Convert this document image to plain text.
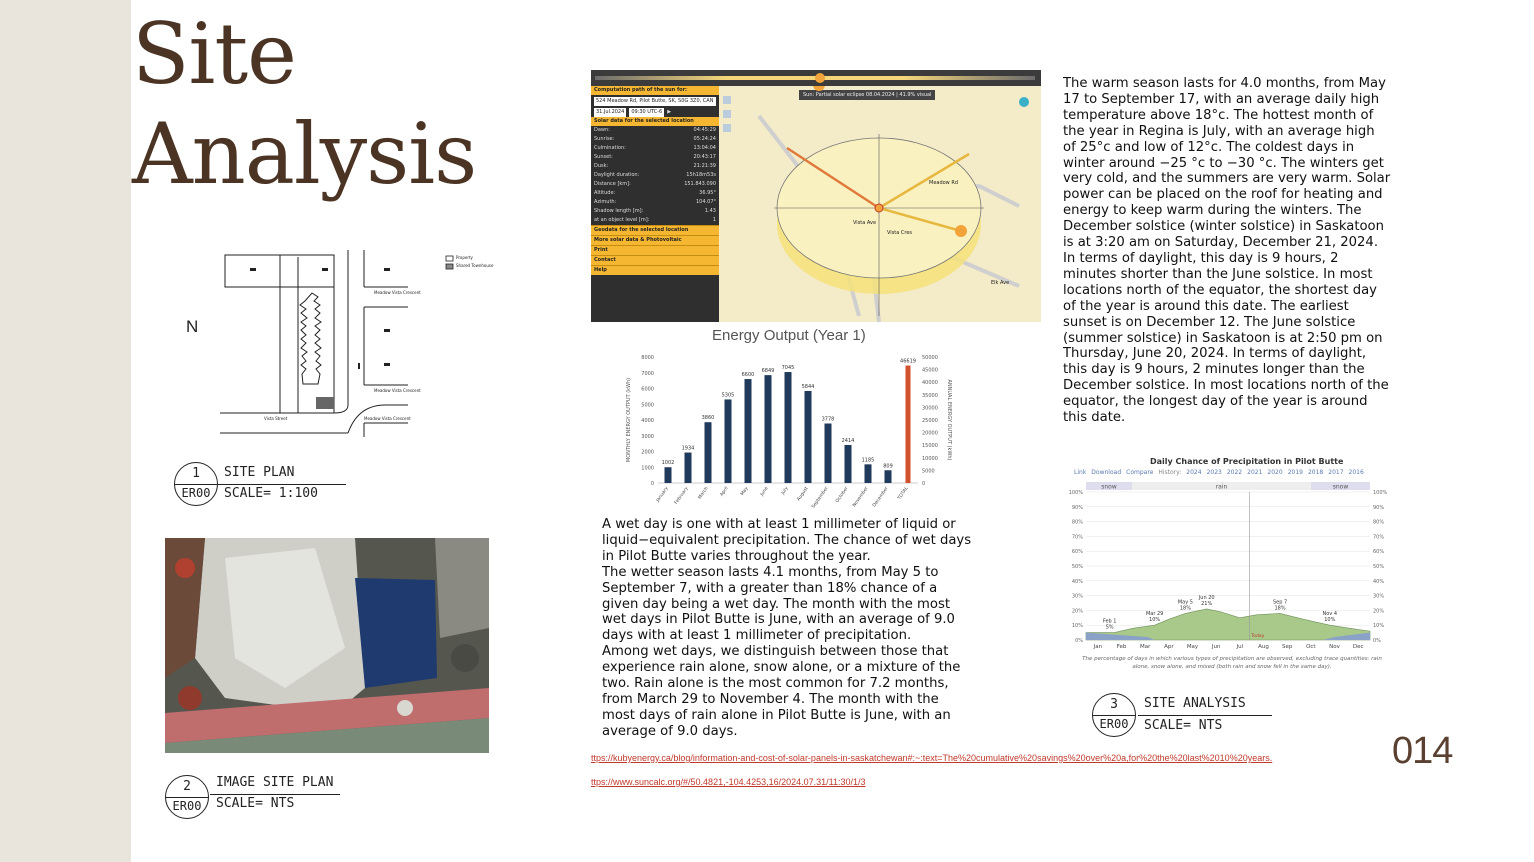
Site
Analysis
N
Property
Shared Townhouse
Meadow Vista Crescent
Meadow Vista Crescent
Vista Street	Meadow Vista Crescent
1
ER00
SITE PLAN
SCALE= 1:100
2
ER00
IMAGE SITE PLAN
SCALE= NTS
Computation path of the sun for:
524 Meadow Rd, Pilot Butte, SK, S0G 3Z0, CAN
31.Jul.2024	09:30 UTC-6	▶
Solar data for the selected location
Dawn:	04:45:29
Sunrise:	05:24:24
Culmination:	13:04:04
Sunset:	20:43:17
Dusk:	21:21:39
Daylight duration:	15h18m53s
Distance [km]:	151.843.090
Altitude:	36.95°
Azimuth:	104.07°
Shadow length [m]:	1.43
at an object level [m]:	1
Geodata for the selected location
More solar data & Photovoltaic
Print
Contact
Help
Sun: Partial solar eclipse 08.04.2024 | 41.9% visual
Meadow Rd
Vista Cres
Elk Ave
Vista Ave
Energy Output (Year 1)
8000
7000
6000
5000
4000
3000
2000
1000
0
50000
45000
40000
35000
30000
25000
20000
15000
10000
5000
0
MONTHLY ENERGY OUTPUT (kWh)	ANNUAL ENERGY OUTPUT (kWh)
1002
January
1934
February
3860
March
5305
April
6600
May
6849
June
7045
July
5844
August
3778
September
2414
October
1185
November
809
December
46619
TOTAL
The warm season lasts for 4.0 months, from May
17 to September 17, with an average daily high
temperature above 18°c. The hottest month of
the year in Regina is July, with an average high
of 25°c and low of 12°c. The coldest days in
winter around −25 °c to −30 °c. The winters get
very cold, and the summers are very warm. Solar
power can be placed on the roof for heating and
energy to keep warm during the winters. The
December solstice (winter solstice) in Saskatoon
is at 3:20 am on Saturday, December 21, 2024.
In terms of daylight, this day is 9 hours, 2
minutes shorter than the June solstice. In most
locations north of the equator, the shortest day
of the year is around this date. The earliest
sunset is on December 12. The June solstice
(summer solstice) in Saskatoon is at 2:50 pm on
Thursday, June 20, 2024. In terms of daylight,
this day is 9 hours, 2 minutes longer than the
December solstice. In most locations north of the
equator, the longest day of the year is around
this date.
A wet day is one with at least 1 millimeter of liquid or
liquid−equivalent precipitation. The chance of wet days
in Pilot Butte varies throughout the year.
The wetter season lasts 4.1 months, from May 5 to
September 7, with a greater than 18% chance of a
given day being a wet day. The month with the most
wet days in Pilot Butte is June, with an average of 9.0
days with at least 1 millimeter of precipitation.
Among wet days, we distinguish between those that
experience rain alone, snow alone, or a mixture of the
two. Rain alone is the most common for 7.2 months,
from March 29 to November 4. The month with the
most days of rain alone in Pilot Butte is June, with an
average of 9.0 days.
Daily Chance of Precipitation in Pilot Butte
Link Download Compare History: 2024 2023 2022 2021 2020 2019 2018 2017 2016
snow	rain	snow
100%	100%
90%	90%
80%	80%
70%	70%
60%	60%
50%	50%
40%	40%
30%	30%
20%	20%
10%	10%
0%	0%
Today
Feb 1
5%
Mar 29
10%
May 5
18%
Jun 20
21%	Sep 7
18%
Nov 4
10%
Jan	Feb Mar Apr May Jun	Jul	Aug Sep Oct Nov Dec
The percentage of days in which various types of precipitation are observed, excluding trace quantities: rain alone, snow alone, and mixed (both rain and snow fell in the same day).
3
ER00
SITE ANALYSIS
SCALE= NTS
ttps://kubyenergy.ca/blog/information-and-cost-of-solar-panels-in-saskatchewan#:~:text=The%20cumulative%20savings%20over%20a,for%20the%20last%2010%20years.
ttps://www.suncalc.org/#/50.4821,-104.4253,16/2024.07.31/11:30/1/3
014
